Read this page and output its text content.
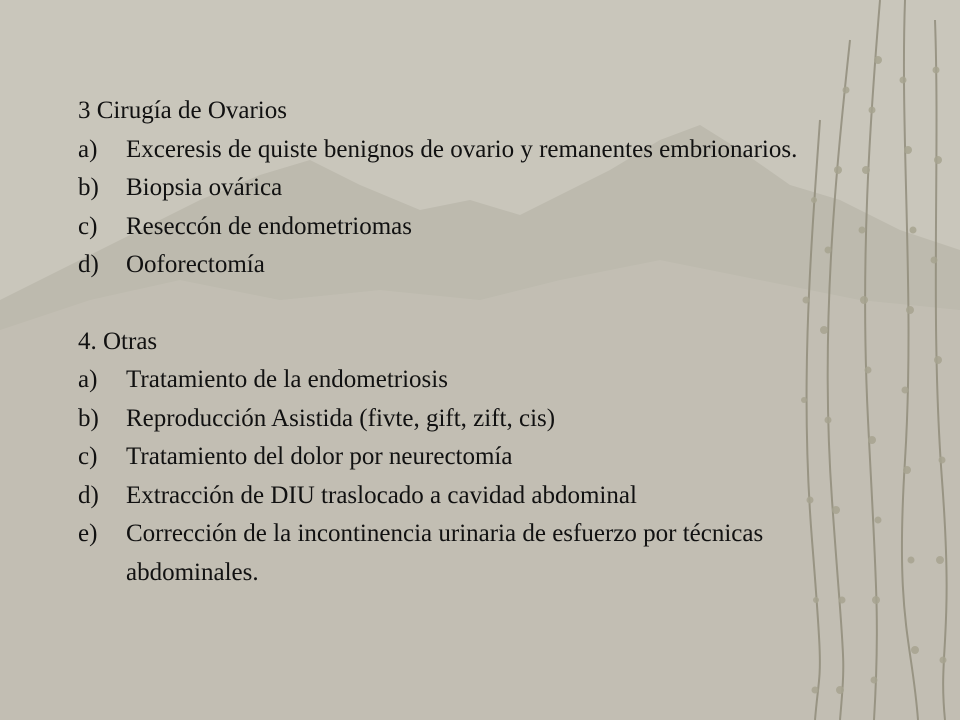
3 Cirugía de Ovarios

a)	Exceresis de quiste benignos de ovario y remanentes embrionarios.
b)	Biopsia ovárica
c)	Reseccón de endometriomas
d)	Ooforectomía

4. Otras

a)	Tratamiento de la endometriosis
b)	Reproducción Asistida (fivte, gift, zift, cis)
c)	Tratamiento del dolor por neurectomía
d)	Extracción de DIU traslocado a cavidad abdominal
e)	Corrección de la incontinencia urinaria de esfuerzo por técnicas abdominales.
